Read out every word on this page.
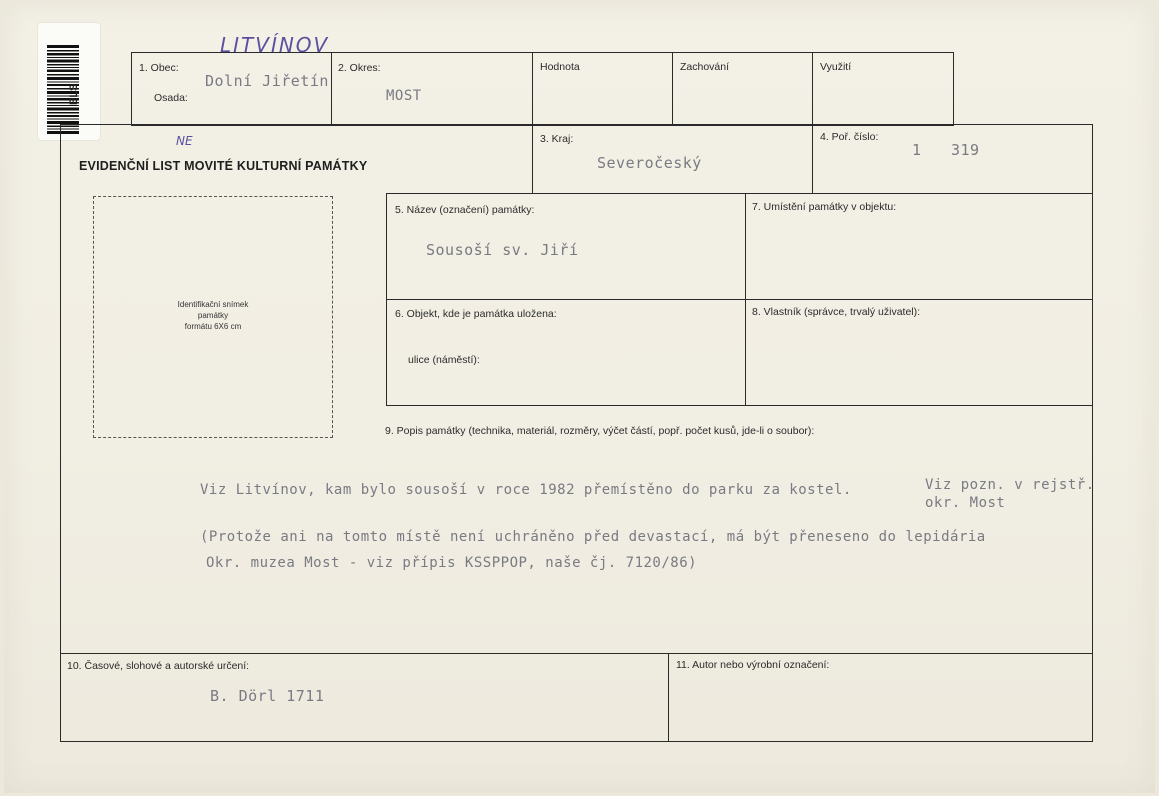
ELS
LITVÍNOV
1. Obec:
Dolní Jiřetín
Osada:
2. Okres:
MOST
Hodnota	Zachování	Využití
NE
EVIDENČNÍ LIST MOVITÉ KULTURNÍ PAMÁTKY
3. Kraj:
Severočeský
4. Poř. číslo:
1 319
Identifikační snímek
památky
formátu 6X6 cm
5. Název (označení) památky:
Sousoší sv. Jiří
7. Umístění památky v objektu:
6. Objekt, kde je památka uložena:
ulice (náměstí):
8. Vlastník (správce, trvalý uživatel):
9. Popis památky (technika, materiál, rozměry, výčet částí, popř. počet kusů, jde-li o soubor):
Viz Litvínov, kam bylo sousoší v roce 1982 přemístěno do parku za kostel.	Viz pozn. v rejstř.
okr. Most
(Protože ani na tomto místě není uchráněno před devastací, má být přeneseno do lepidária
Okr. muzea Most - viz přípis KSSPPOP, naše čj. 7120/86)
10. Časové, slohové a autorské určení:
B. Dörl 1711
11. Autor nebo výrobní označení:
